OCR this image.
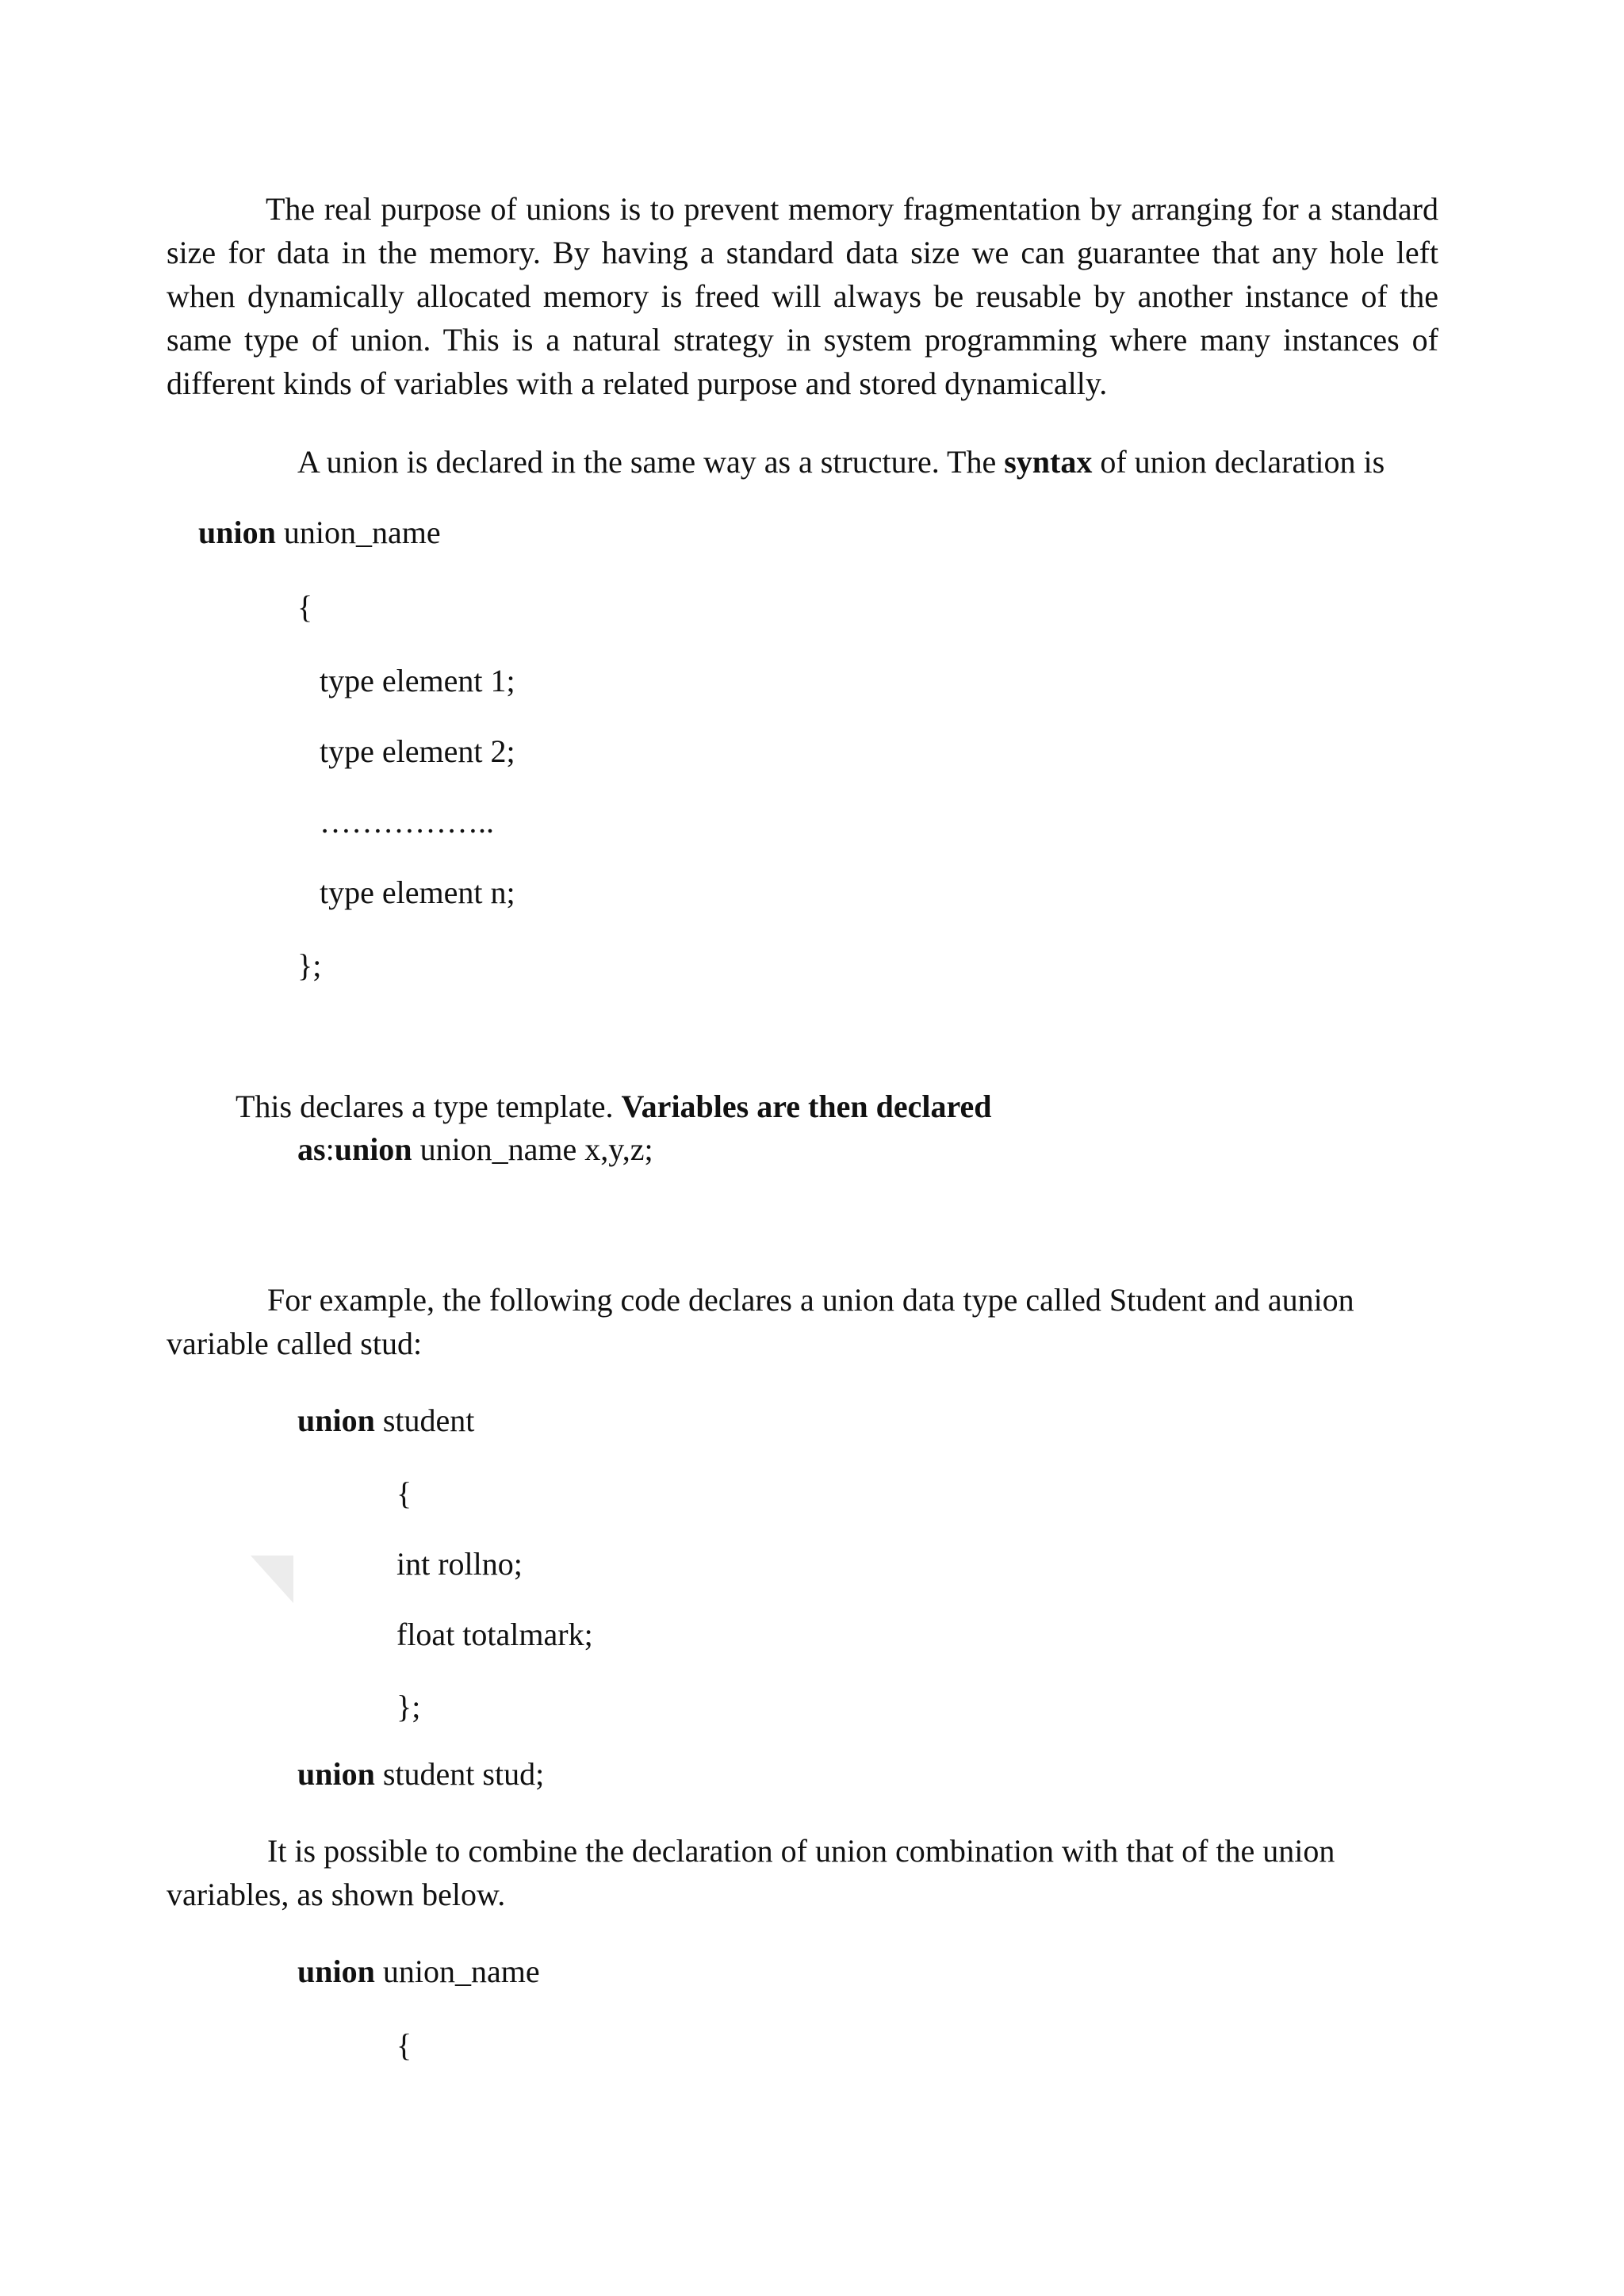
The real purpose of unions is to prevent memory fragmentation by arranging for a standard size for data in the memory. By having a standard data size we can guarantee that any hole left when dynamically allocated memory is freed will always be reusable by another instance of the same type of union. This is a natural strategy in system programming where many instances of different kinds of variables with a related purpose and stored dynamically.

A union is declared in the same way as a structure. The syntax of union declaration is

union union_name

{

type element 1;

type element 2;

……………..

type element n;

};

This declares a type template. Variables are then declared

as:union union_name x,y,z;

For example, the following code declares a union data type called Student and aunion

variable called stud:

union student

{

int rollno;

float totalmark;

};

union student stud;

It is possible to combine the declaration of union combination with that of the union

variables, as shown below.

union union_name

{
